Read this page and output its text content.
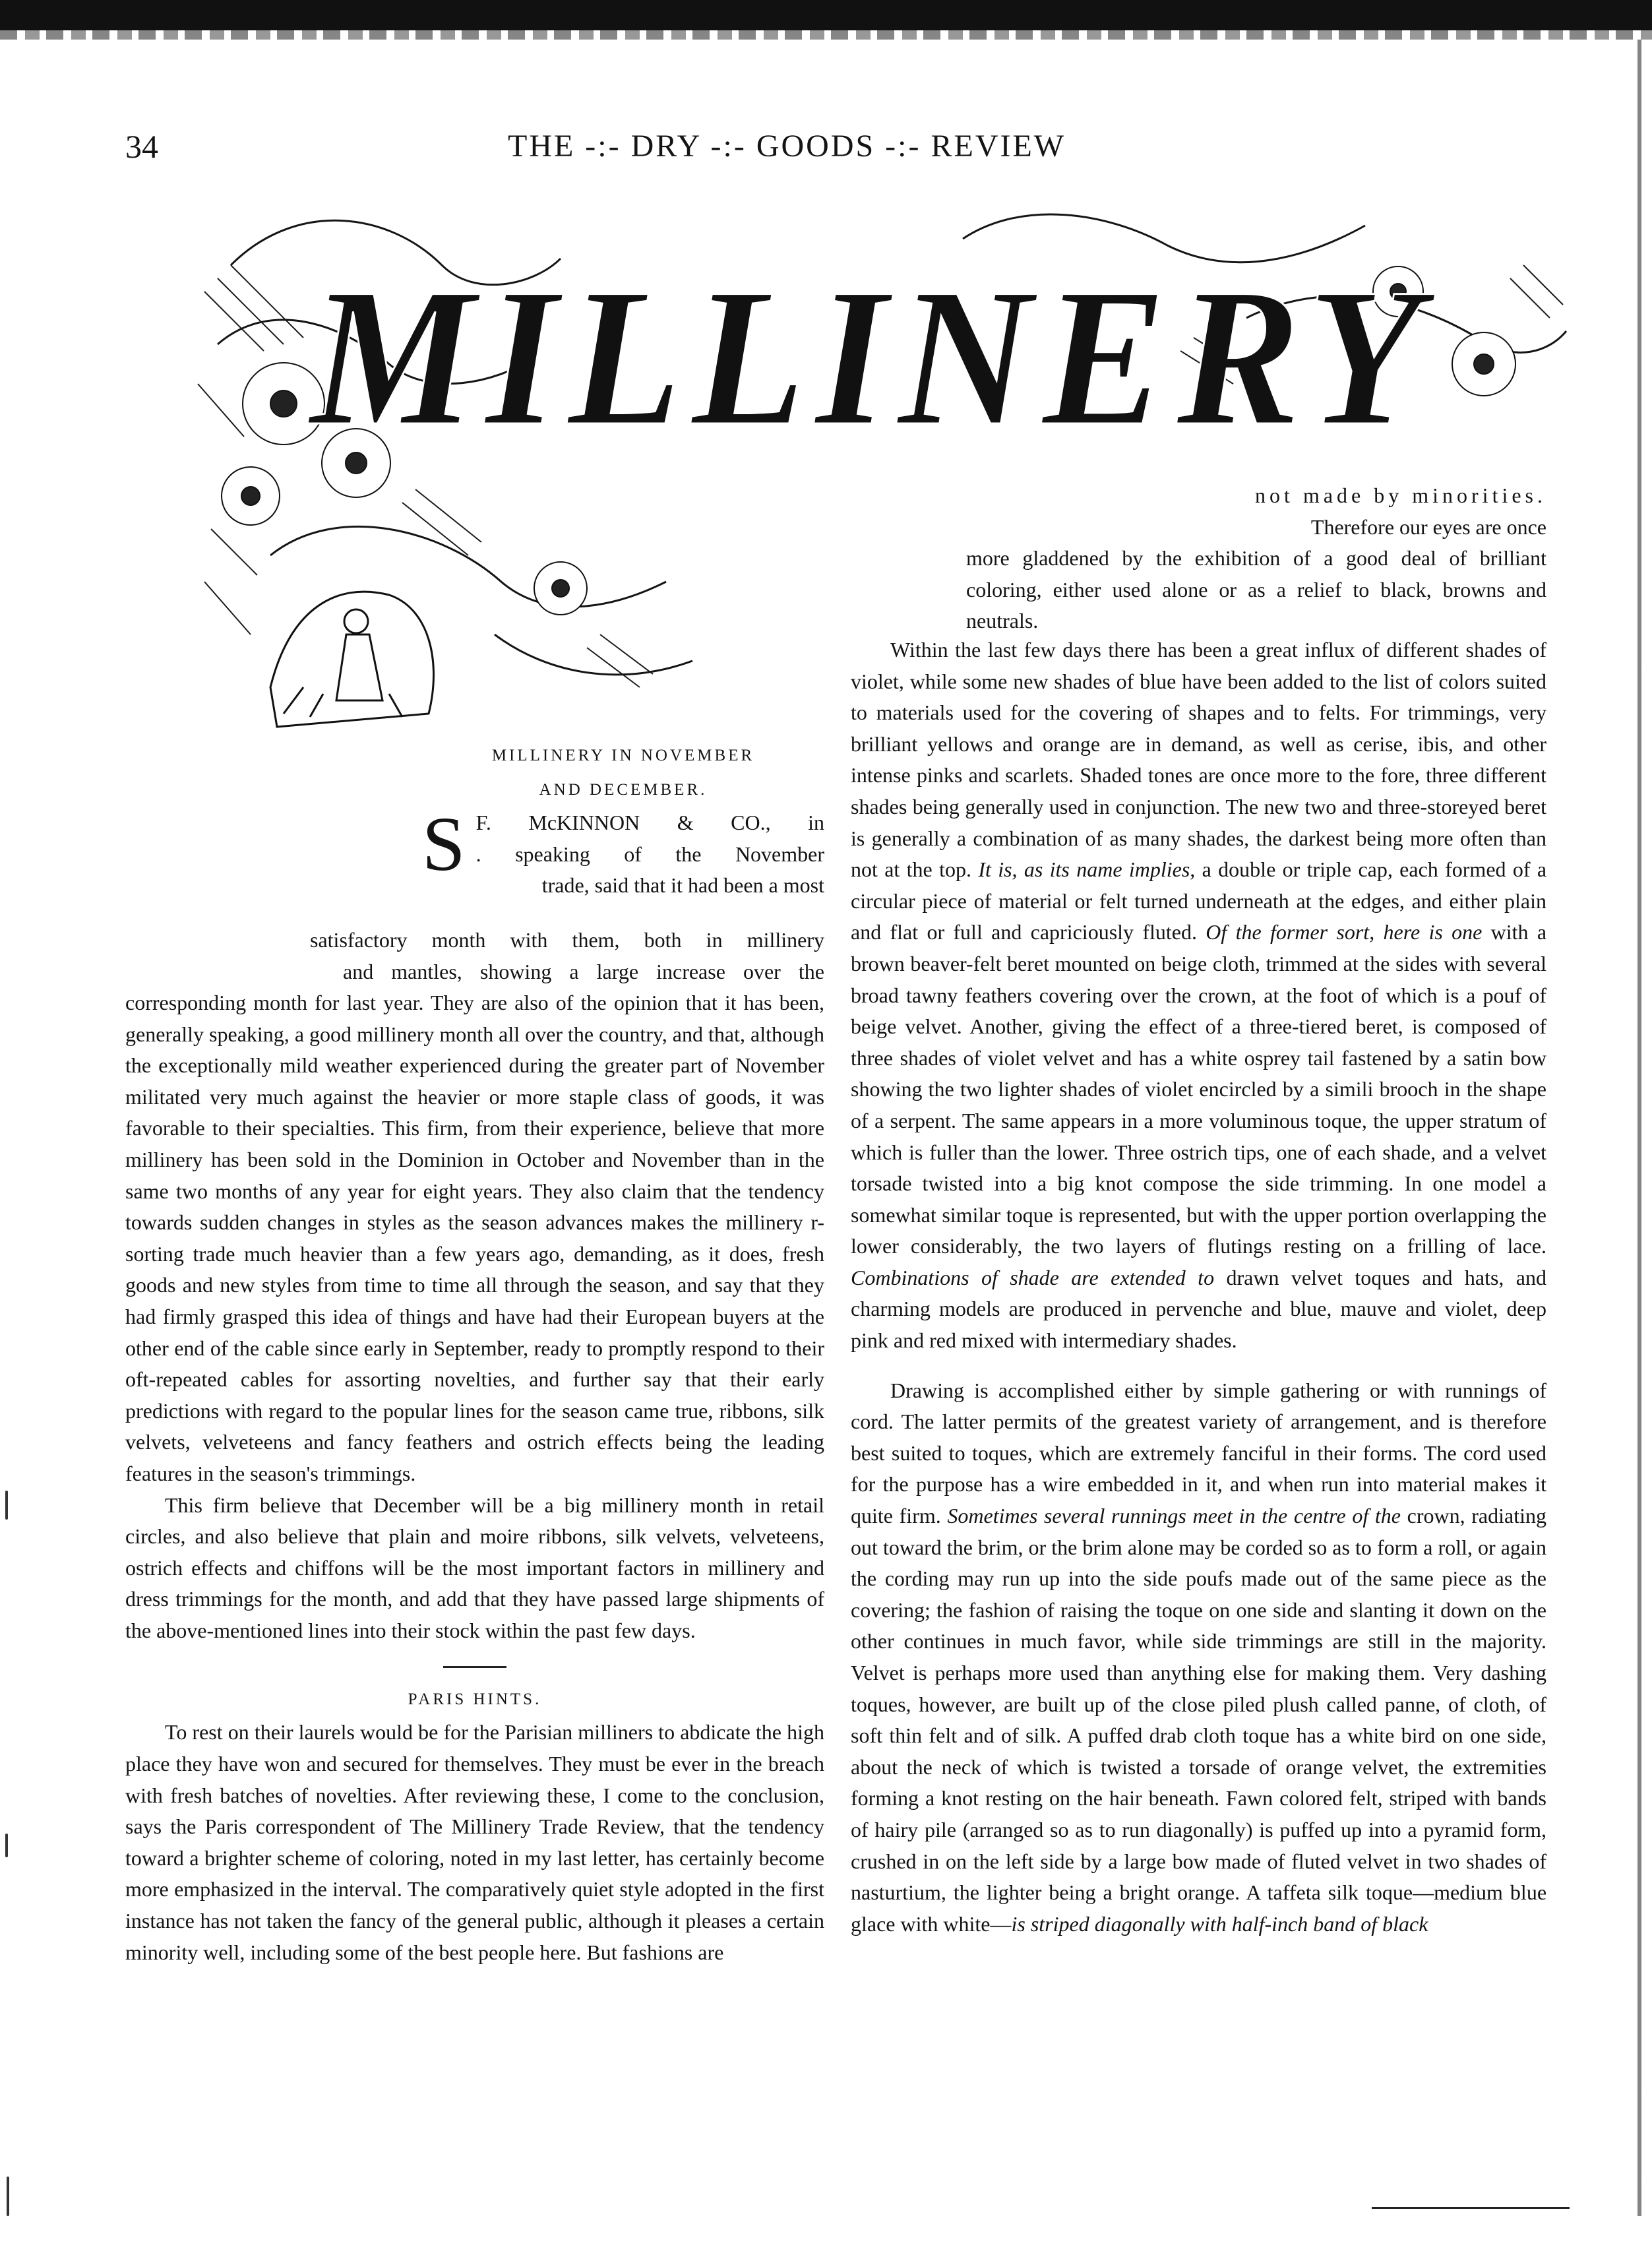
34	THE -:- DRY -:- GOODS -:- REVIEW
MILLINERY

not made by minorities.

Therefore our eyes are once

more gladdened by the exhibition of a good deal of brilliant coloring, either used alone or as a relief to black, browns and neutrals.

Within the last few days there has been a great influx of different shades of violet, while some new shades of blue have been added to the list of colors suited to materials used for the covering of shapes and to felts. For trimmings, very brilliant yellows and orange are in demand, as well as cerise, ibis, and other intense pinks and scarlets. Shaded tones are once more to the fore, three different shades being generally used in conjunction. The new two and three-storeyed beret is generally a combination of as many shades, the darkest being more often than not at the top. It is, as its name implies, a double or triple cap, each formed of a circular piece of material or felt turned underneath at the edges, and either plain and flat or full and capriciously fluted. Of the former sort, here is one with a brown beaver-felt beret mounted on beige cloth, trimmed at the sides with several broad tawny feathers covering over the crown, at the foot of which is a pouf of beige velvet. Another, giving the effect of a three-tiered beret, is composed of three shades of violet velvet and has a white osprey tail fastened by a satin bow showing the two lighter shades of violet encircled by a simili brooch in the shape of a serpent. The same appears in a more voluminous toque, the upper stratum of which is fuller than the lower. Three ostrich tips, one of each shade, and a velvet torsade twisted into a big knot compose the side trimming. In one model a somewhat similar toque is represented, but with the upper portion overlapping the lower considerably, the two layers of flutings resting on a frilling of lace. Combinations of shade are extended to drawn velvet toques and hats, and charming models are produced in pervenche and blue, mauve and violet, deep pink and red mixed with intermediary shades.

Drawing is accomplished either by simple gathering or with runnings of cord. The latter permits of the greatest variety of arrangement, and is therefore best suited to toques, which are extremely fanciful in their forms. The cord used for the purpose has a wire embedded in it, and when run into material makes it quite firm. Sometimes several runnings meet in the centre of the crown, radiating out toward the brim, or the brim alone may be corded so as to form a roll, or again the cording may run up into the side poufs made out of the same piece as the covering; the fashion of raising the toque on one side and slanting it down on the other continues in much favor, while side trimmings are still in the majority. Velvet is perhaps more used than anything else for making them. Very dashing toques, however, are built up of the close piled plush called panne, of cloth, of soft thin felt and of silk. A puffed drab cloth toque has a white bird on one side, about the neck of which is twisted a torsade of orange velvet, the extremities forming a knot resting on the hair beneath. Fawn colored felt, striped with bands of hairy pile (arranged so as to run diagonally) is puffed up into a pyramid form, crushed in on the left side by a large bow made of fluted velvet in two shades of nasturtium, the lighter being a bright orange. A taffeta silk toque—medium blue glace with white—is striped diagonally with half-inch band of black

MILLINERY IN NOVEMBER
AND DECEMBER.
S F. McKINNON & CO., in
. speaking of the November
trade, said that it had been a most
satisfactory month with them, both in millinery
and mantles, showing a large increase over the

corresponding month for last year. They are also of the opinion that it has been, generally speaking, a good millinery month all over the country, and that, although the exceptionally mild weather experienced during the greater part of November militated very much against the heavier or more staple class of goods, it was favorable to their specialties. This firm, from their experience, believe that more millinery has been sold in the Dominion in October and November than in the same two months of any year for eight years. They also claim that the tendency towards sudden changes in styles as the season advances makes the millinery r-sorting trade much heavier than a few years ago, demanding, as it does, fresh goods and new styles from time to time all through the season, and say that they had firmly grasped this idea of things and have had their European buyers at the other end of the cable since early in September, ready to promptly respond to their oft-repeated cables for assorting novelties, and further say that their early predictions with regard to the popular lines for the season came true, ribbons, silk velvets, velveteens and fancy feathers and ostrich effects being the leading features in the season's trimmings.

This firm believe that December will be a big millinery month in retail circles, and also believe that plain and moire ribbons, silk velvets, velveteens, ostrich effects and chiffons will be the most important factors in millinery and dress trimmings for the month, and add that they have passed large shipments of the above-mentioned lines into their stock within the past few days.

PARIS HINTS.

To rest on their laurels would be for the Parisian milliners to abdicate the high place they have won and secured for themselves. They must be ever in the breach with fresh batches of novelties. After reviewing these, I come to the conclusion, says the Paris correspondent of The Millinery Trade Review, that the tendency toward a brighter scheme of coloring, noted in my last letter, has certainly become more emphasized in the interval. The comparatively quiet style adopted in the first instance has not taken the fancy of the general public, although it pleases a certain minority well, including some of the best people here. But fashions are
